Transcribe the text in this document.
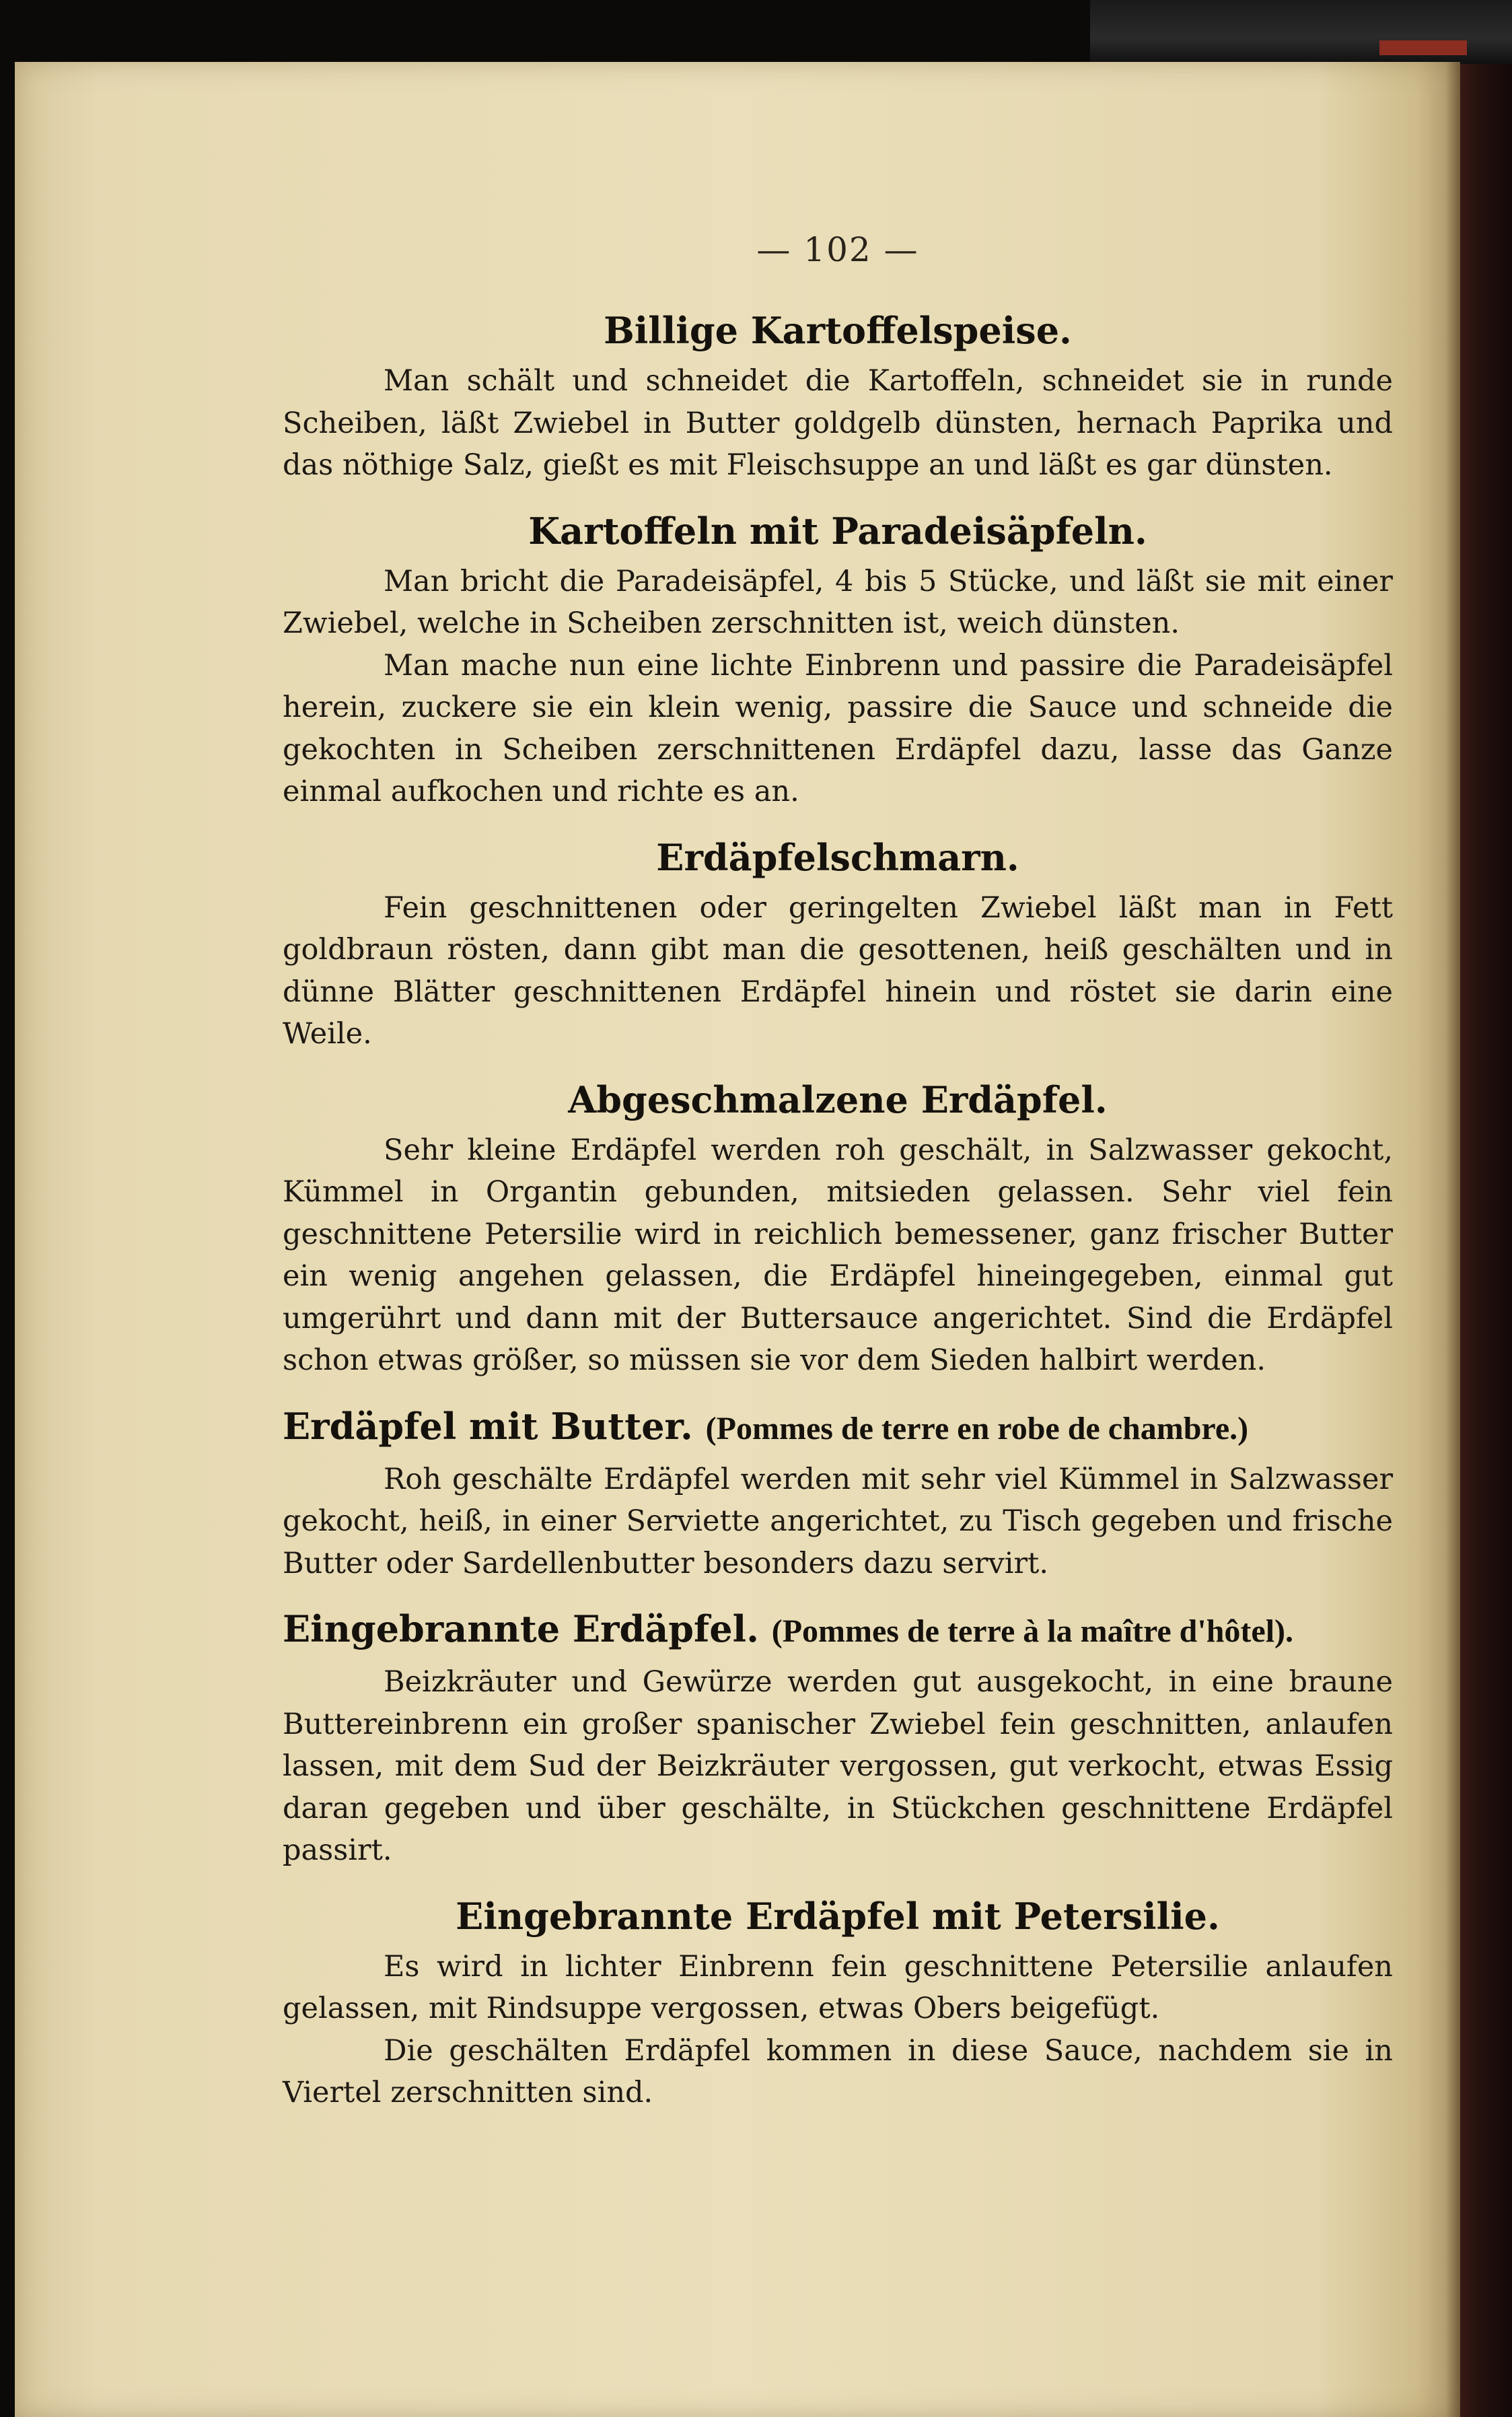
— 102 —
Billige Kartoffelspeise.

Man schält und schneidet die Kartoffeln, schneidet sie in runde Scheiben, läßt Zwiebel in Butter goldgelb dünsten, hernach Paprika und das nöthige Salz, gießt es mit Fleischsuppe an und läßt es gar dünsten.

Kartoffeln mit Paradeisäpfeln.

Man bricht die Paradeisäpfel, 4 bis 5 Stücke, und läßt sie mit einer Zwiebel, welche in Scheiben zerschnitten ist, weich dünsten.

Man mache nun eine lichte Einbrenn und passire die Paradeisäpfel herein, zuckere sie ein klein wenig, passire die Sauce und schneide die gekochten in Scheiben zerschnittenen Erdäpfel dazu, lasse das Ganze einmal aufkochen und richte es an.

Erdäpfelschmarn.

Fein geschnittenen oder geringelten Zwiebel läßt man in Fett goldbraun rösten, dann gibt man die gesottenen, heiß geschälten und in dünne Blätter geschnittenen Erdäpfel hinein und röstet sie darin eine Weile.

Abgeschmalzene Erdäpfel.

Sehr kleine Erdäpfel werden roh geschält, in Salzwasser gekocht, Kümmel in Organtin gebunden, mitsieden gelassen. Sehr viel fein geschnittene Petersilie wird in reichlich bemessener, ganz frischer Butter ein wenig angehen gelassen, die Erdäpfel hineingegeben, einmal gut umgerührt und dann mit der Buttersauce angerichtet. Sind die Erdäpfel schon etwas größer, so müssen sie vor dem Sieden halbirt werden.

Erdäpfel mit Butter. (Pommes de terre en robe de chambre.)

Roh geschälte Erdäpfel werden mit sehr viel Kümmel in Salzwasser gekocht, heiß, in einer Serviette angerichtet, zu Tisch gegeben und frische Butter oder Sardellenbutter besonders dazu servirt.

Eingebrannte Erdäpfel. (Pommes de terre à la maître d'hôtel).

Beizkräuter und Gewürze werden gut ausgekocht, in eine braune Buttereinbrenn ein großer spanischer Zwiebel fein geschnitten, anlaufen lassen, mit dem Sud der Beizkräuter vergossen, gut verkocht, etwas Essig daran gegeben und über geschälte, in Stückchen geschnittene Erdäpfel passirt.

Eingebrannte Erdäpfel mit Petersilie.

Es wird in lichter Einbrenn fein geschnittene Petersilie anlaufen gelassen, mit Rindsuppe vergossen, etwas Obers beigefügt.

Die geschälten Erdäpfel kommen in diese Sauce, nachdem sie in Viertel zerschnitten sind.
